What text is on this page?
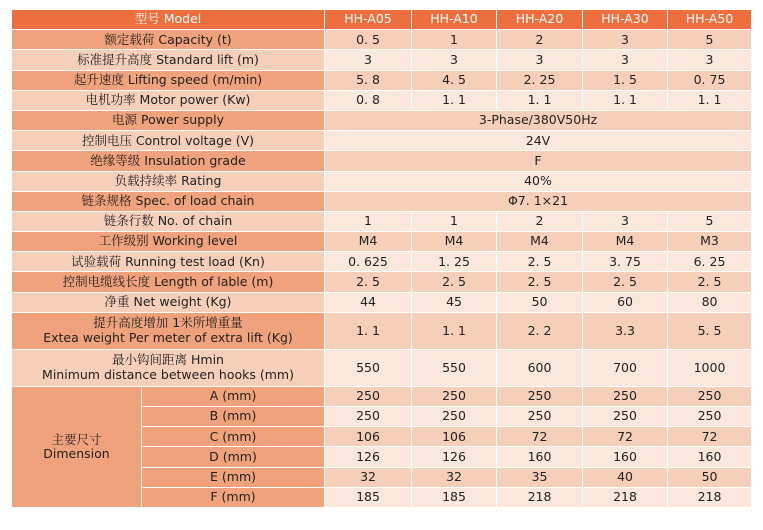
型号 Model		HH-A05	HH-A10	HH-A20	HH-A30	HH-A50
额定载荷 Capacity (t)		0. 5	1	2	3	5
标准提升高度 Standard lift (m)		3	3	3	3	3
起升速度 Lifting speed (m/min)		5. 8	4. 5	2. 25	1. 5	0. 75
电机功率 Motor power (Kw)		0. 8	1. 1	1. 1	1. 1	1. 1
电源 Power supply		3-Phase/380V50Hz				
控制电压 Control voltage (V)		24V				
绝缘等级 Insulation grade		F				
负载持续率 Rating		40%				
链条规格 Spec. of load chain		Φ7. 1×21				
链条行数 No. of chain		1	1	2	3	5
工作级别 Working level		M4	M4	M4	M4	M3
试验载荷 Running test load (Kn)		0. 625	1. 25	2. 5	3. 75	6. 25
控制电缆线长度 Length of lable (m)		2. 5	2. 5	2. 5	2. 5	2. 5
净重 Net weight (Kg)		44	45	50	60	80

提升高度增加 1米所增重量
Extea weight Per meter of extra lift (Kg)		1. 1	1. 1	2. 2	3.3	5. 5

最小钩间距离 Hmin
Minimum distance between hooks (mm)		550	550	600	700	1000

主要尺寸
Dimension	A (mm)	250	250	250	250	250
	B (mm)	250	250	250	250	250
	C (mm)	106	106	72	72	72
	D (mm)	126	126	160	160	160
	E (mm)	32	32	35	40	50
	F (mm)	185	185	218	218	218
